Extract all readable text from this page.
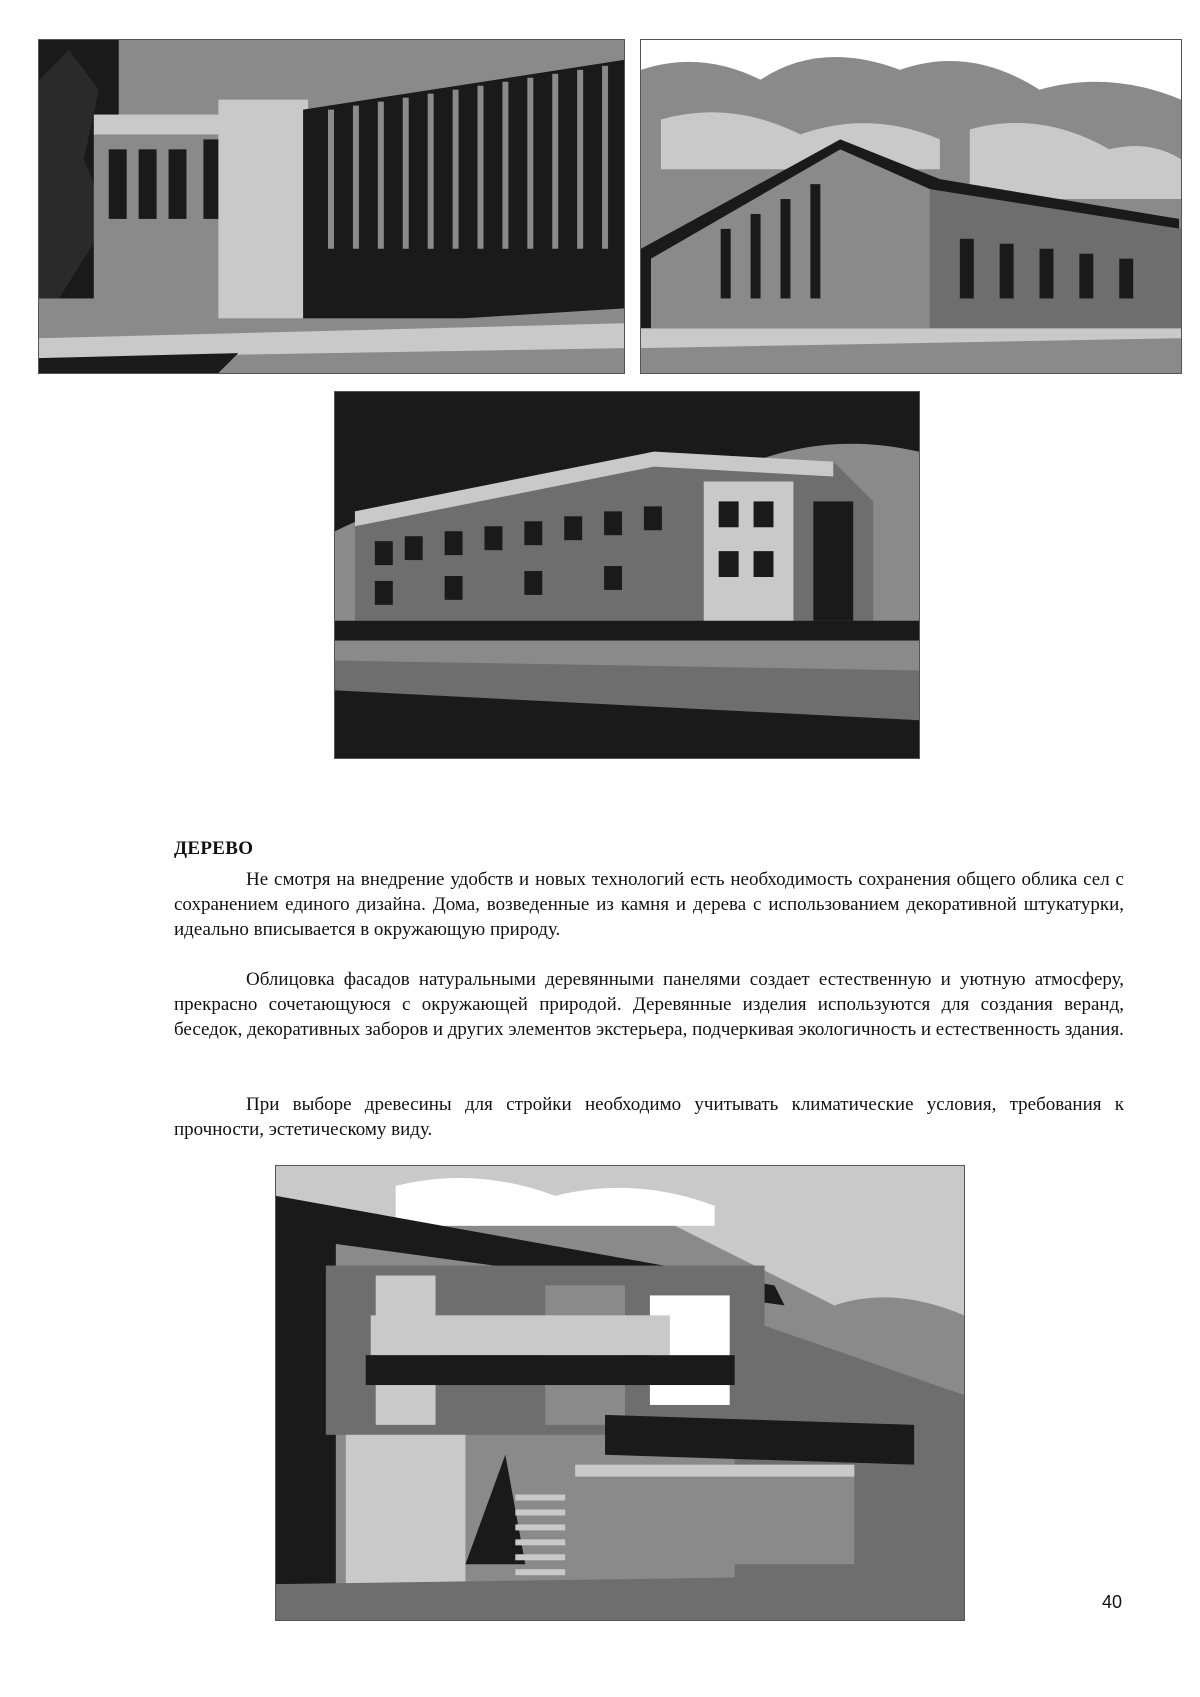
ДЕРЕВО

Не смотря на внедрение удобств и новых технологий есть необходимость сохранения общего облика сел с сохранением единого дизайна. Дома, возведенные из камня и дерева с использованием декоративной штукатурки, идеально вписывается в окружающую природу.

Облицовка фасадов натуральными деревянными панелями создает естественную и уютную атмосферу, прекрасно сочетающуюся с окружающей природой. Деревянные изделия используются для создания веранд, беседок, декоративных заборов и других элементов экстерьера, подчеркивая экологичность и естественность здания.

При выборе древесины для стройки необходимо учитывать климатические условия, требования к прочности, эстетическому виду.

40
